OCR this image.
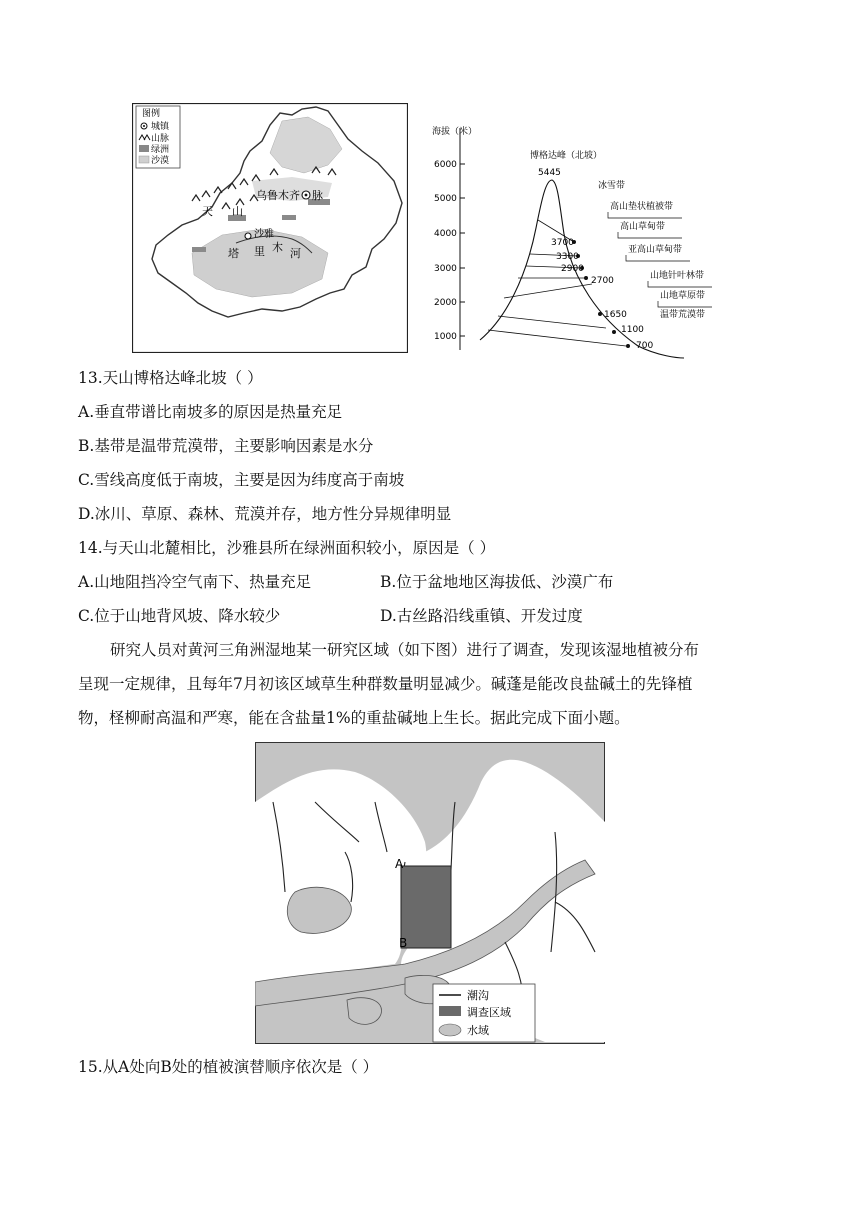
图例
城镇
山脉
绿洲
沙漠
乌鲁木齐 脉
天 山
沙雅
塔 里 木 河
海拔（米）
6000
5000
4000
3000
2000
1000
3700
3300
2900
2700
1650
1100
700
博格达峰（北坡）
5445
冰雪带
高山垫状植被带
高山草甸带
亚高山草甸带
山地针叶林带
山地草原带
温带荒漠带
13.天山博格达峰北坡（ ）
A.垂直带谱比南坡多的原因是热量充足
B.基带是温带荒漠带，主要影响因素是水分
C.雪线高度低于南坡，主要是因为纬度高于南坡
D.冰川、草原、森林、荒漠并存，地方性分异规律明显
14.与天山北麓相比，沙雅县所在绿洲面积较小，原因是（ ）
A.山地阻挡冷空气南下、热量充足	B.位于盆地地区海拔低、沙漠广布
C.位于山地背风坡、降水较少	D.古丝路沿线重镇、开发过度
研究人员对黄河三角洲湿地某一研究区域（如下图）进行了调查，发现该湿地植被分布
呈现一定规律，且每年7月初该区域草生种群数量明显减少。碱蓬是能改良盐碱土的先锋植
物，柽柳耐高温和严寒，能在含盐量1%的重盐碱地上生长。据此完成下面小题。
A
B
潮沟
调查区域
水域
15.从A处向B处的植被演替顺序依次是（ ）
